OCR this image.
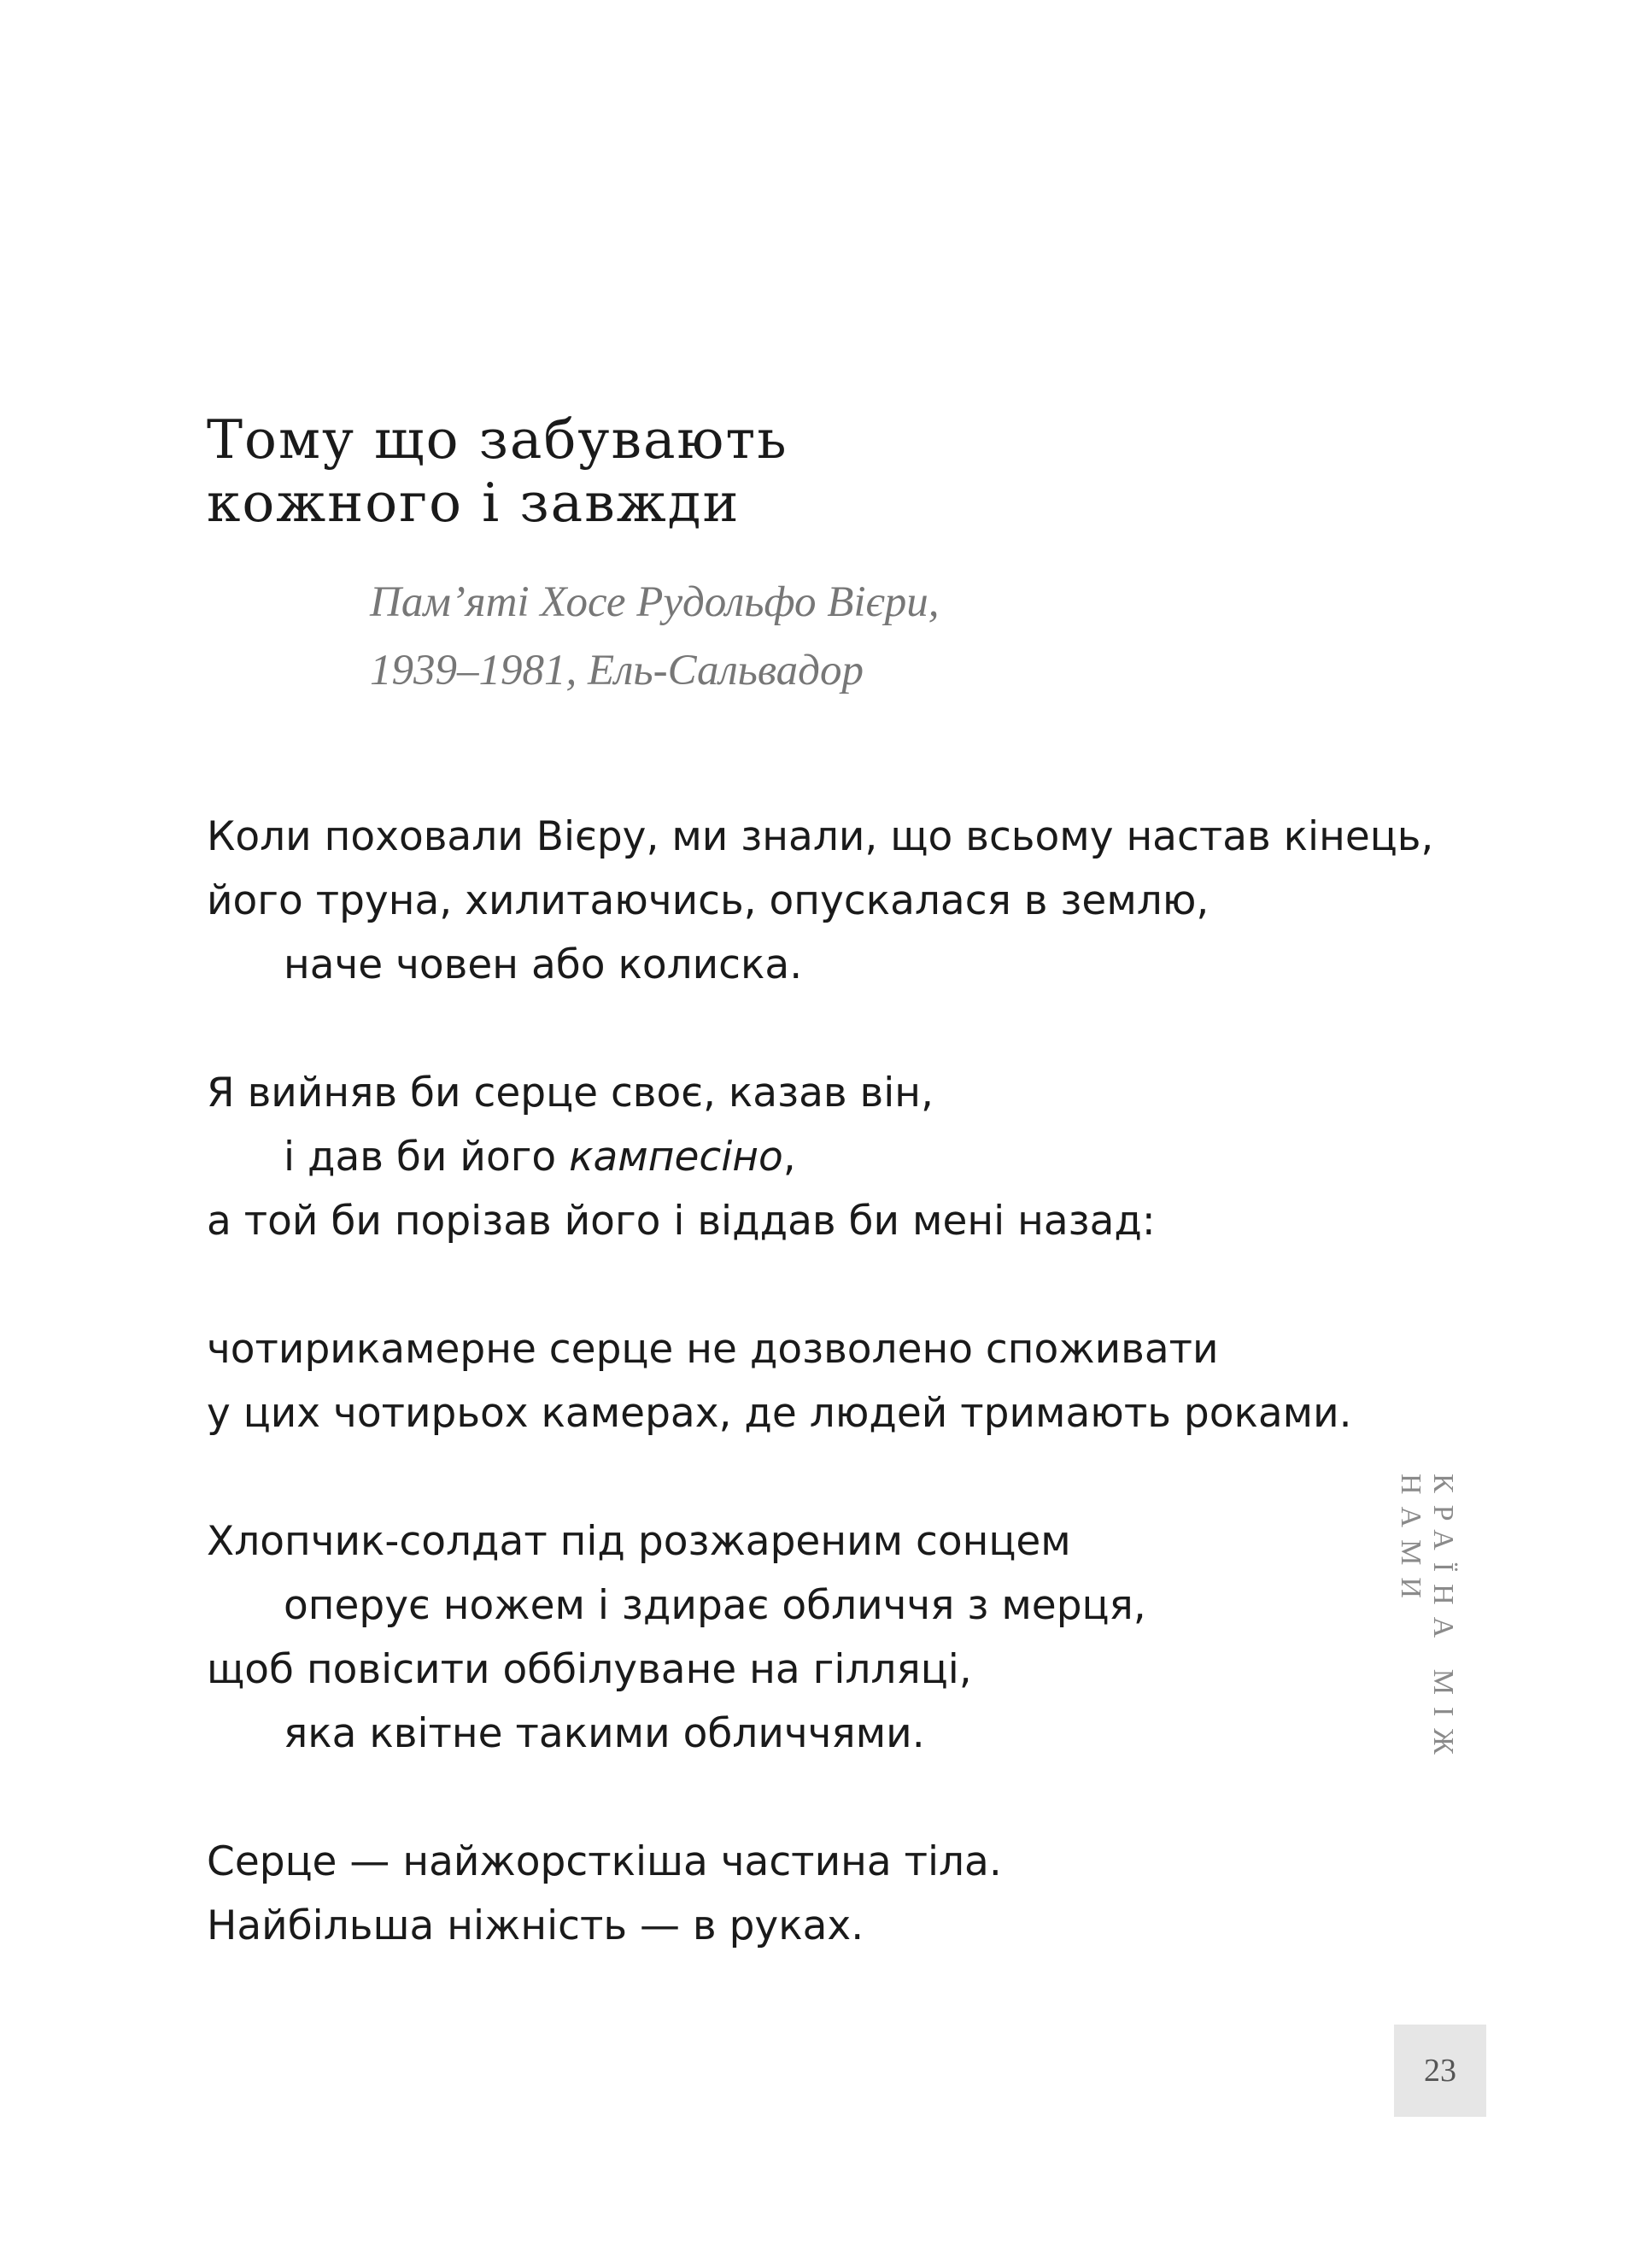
Тому що забувають
кожного і завжди
Пам’яті Хосе Рудольфо Вієри,
1939–1981, Ель-Сальвадор
Коли поховали Вієру, ми знали, що всьому настав кінець,
його труна, хилитаючись, опускалася в землю,
наче човен або колиска.
Я вийняв би серце своє, казав він,
і дав би його кампесіно,
а той би порізав його і віддав би мені назад:
чотирикамерне серце не дозволено споживати
у цих чотирьох камерах, де людей тримають роками.
Хлопчик-солдат під розжареним сонцем
оперує ножем і здирає обличчя з мерця,
щоб повісити оббілуване на гілляці,
яка квітне такими обличчями.
Серце — найжорсткіша частина тіла.
Найбільша ніжність — в руках.
КРАЇНА МІЖ НАМИ
23
